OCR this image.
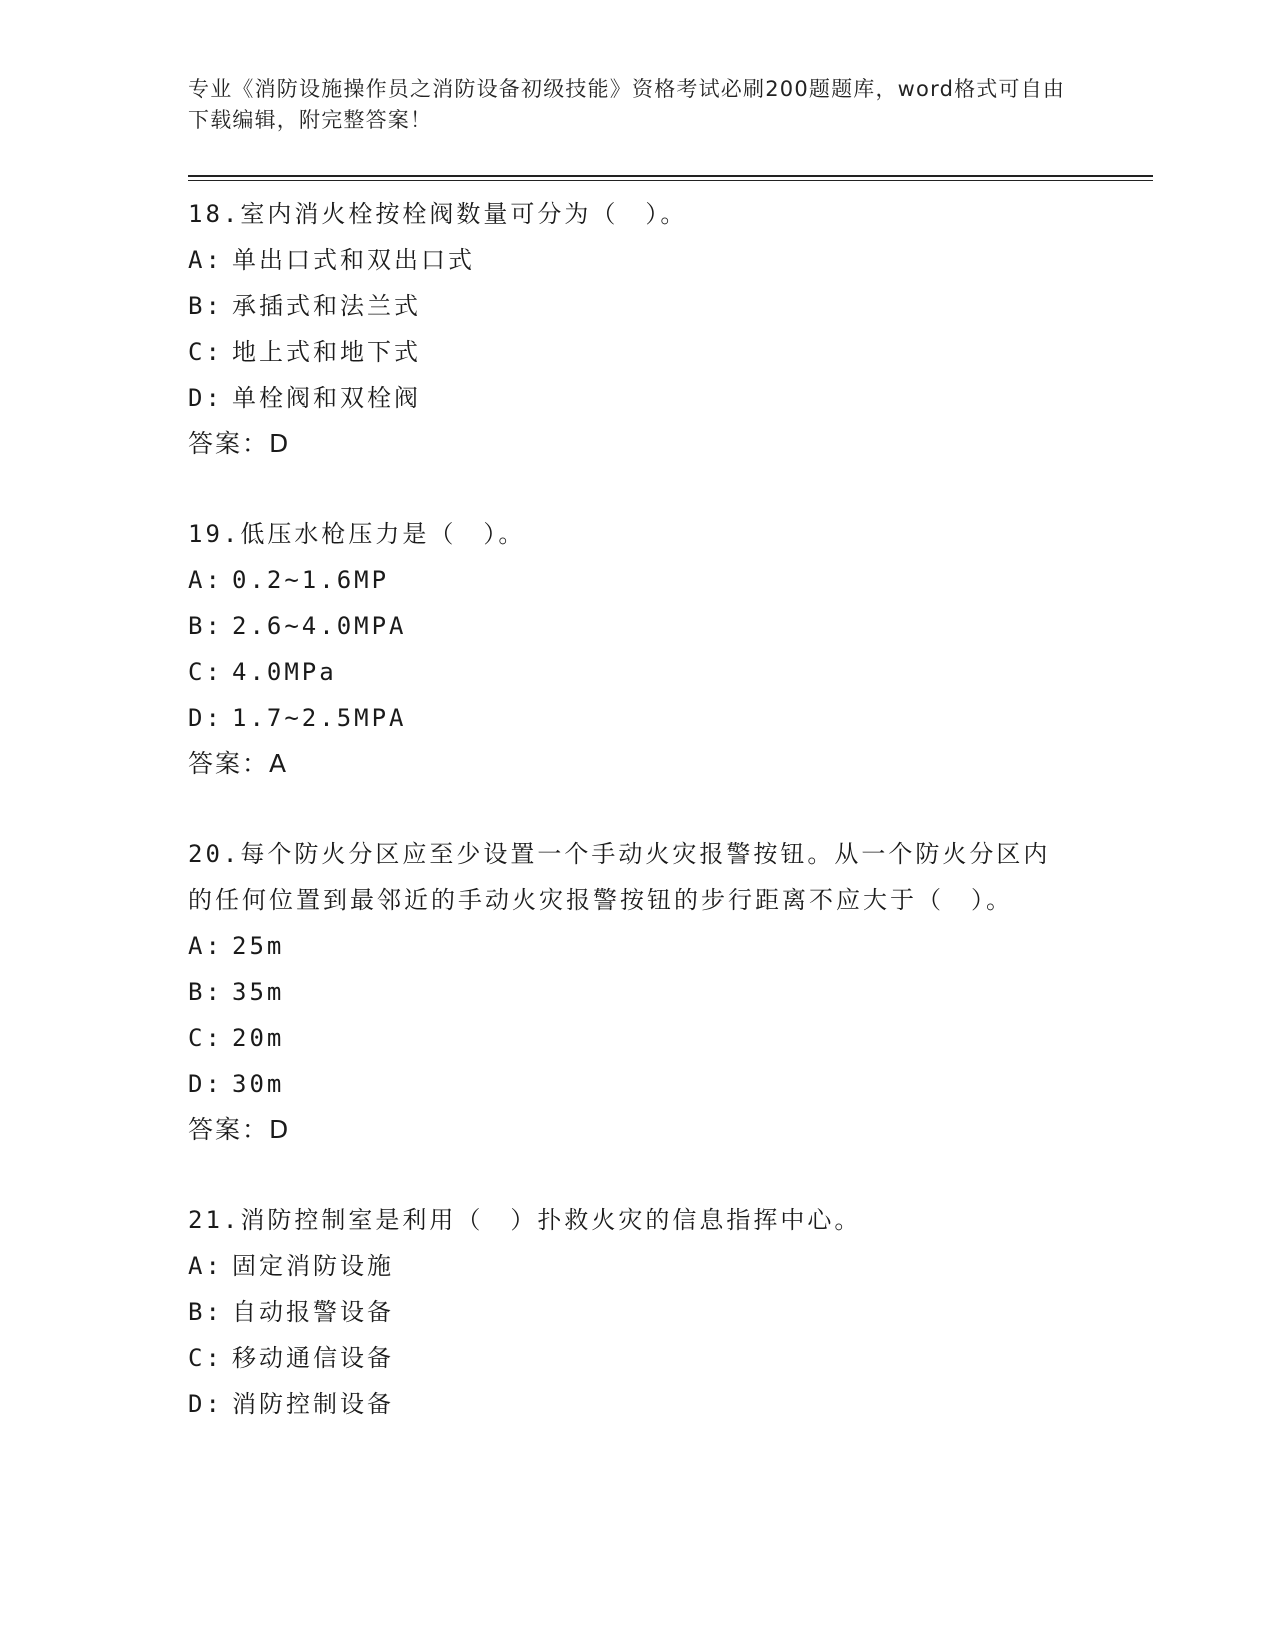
专业《消防设施操作员之消防设备初级技能》资格考试必刷200题题库，word格式可自由下载编辑，附完整答案！
18.室内消火栓按栓阀数量可分为（　）。
A: 单出口式和双出口式
B: 承插式和法兰式
C: 地上式和地下式
D: 单栓阀和双栓阀
答案：D
19.低压水枪压力是（　）。
A: 0.2~1.6MP
B: 2.6~4.0MPA
C: 4.0MPa
D: 1.7~2.5MPA
答案：A
20.每个防火分区应至少设置一个手动火灾报警按钮。从一个防火分区内的任何位置到最邻近的手动火灾报警按钮的步行距离不应大于（　）。
A: 25m
B: 35m
C: 20m
D: 30m
答案：D
21.消防控制室是利用（　）扑救火灾的信息指挥中心。
A: 固定消防设施
B: 自动报警设备
C: 移动通信设备
D: 消防控制设备
